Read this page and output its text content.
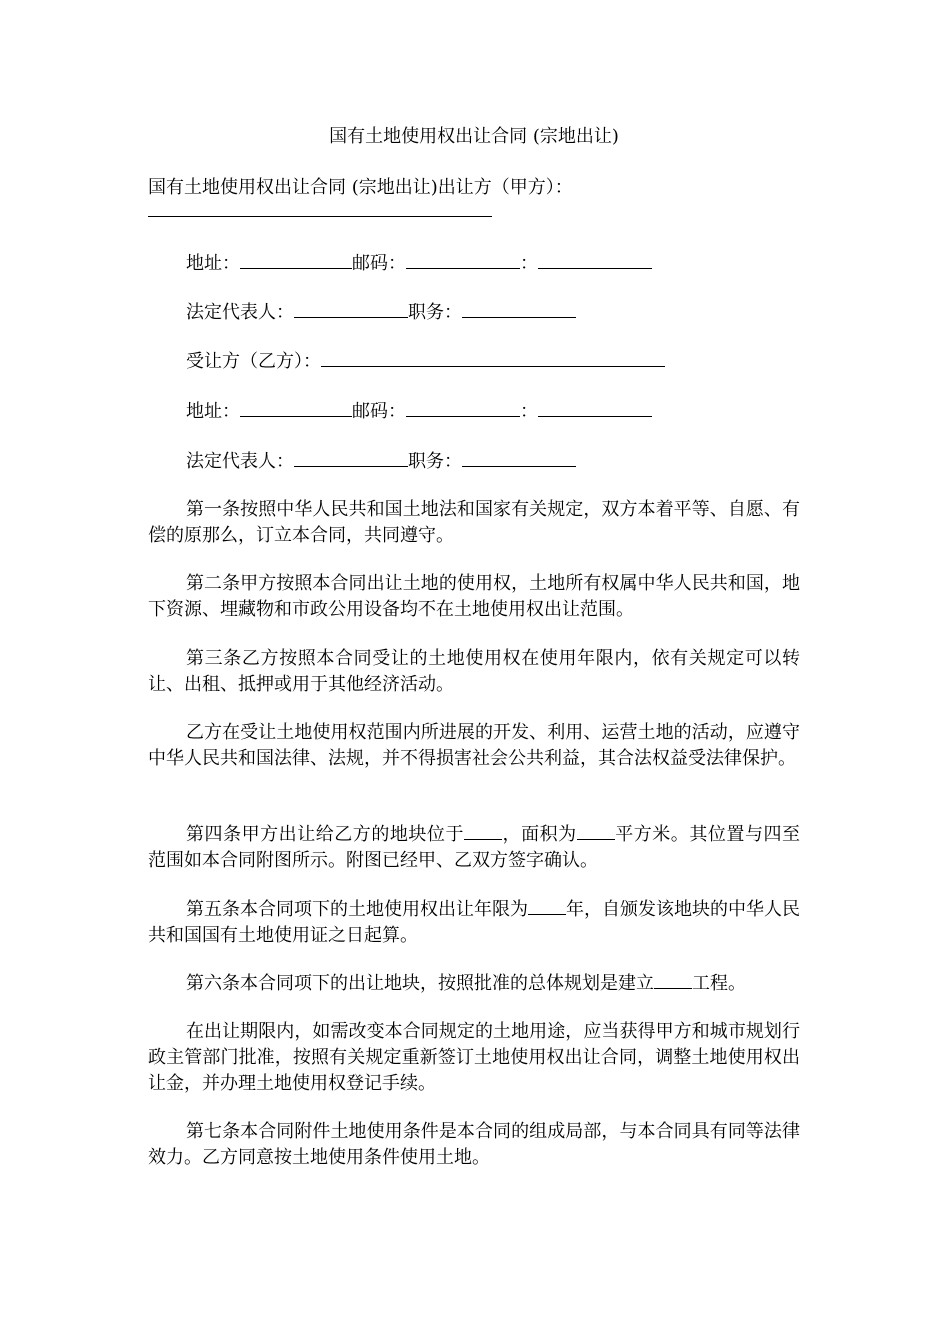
国有土地使用权出让合同 (宗地出让)

国有土地使用权出让合同 (宗地出让)出让方（甲方）：

地址：	邮码：	：

法定代表人：	职务：

受让方（乙方）：

地址：	邮码：	：

法定代表人：	职务：

第一条按照中华人民共和国土地法和国家有关规定，双方本着平等、自愿、有偿的原那么，订立本合同，共同遵守。

第二条甲方按照本合同出让土地的使用权，土地所有权属中华人民共和国，地下资源、埋藏物和市政公用设备均不在土地使用权出让范围。

第三条乙方按照本合同受让的土地使用权在使用年限内，依有关规定可以转让、出租、抵押或用于其他经济活动。

乙方在受让土地使用权范围内所进展的开发、利用、运营土地的活动，应遵守中华人民共和国法律、法规，并不得损害社会公共利益，其合法权益受法律保护。

第四条甲方出让给乙方的地块位于 ，面积为 平方米。其位置与四至范围如本合同附图所示。附图已经甲、乙双方签字确认。

第五条本合同项下的土地使用权出让年限为 年，自颁发该地块的中华人民共和国国有土地使用证之日起算。

第六条本合同项下的出让地块，按照批准的总体规划是建立 工程。

在出让期限内，如需改变本合同规定的土地用途，应当获得甲方和城市规划行政主管部门批准，按照有关规定重新签订土地使用权出让合同，调整土地使用权出让金，并办理土地使用权登记手续。

第七条本合同附件土地使用条件是本合同的组成局部，与本合同具有同等法律效力。乙方同意按土地使用条件使用土地。
